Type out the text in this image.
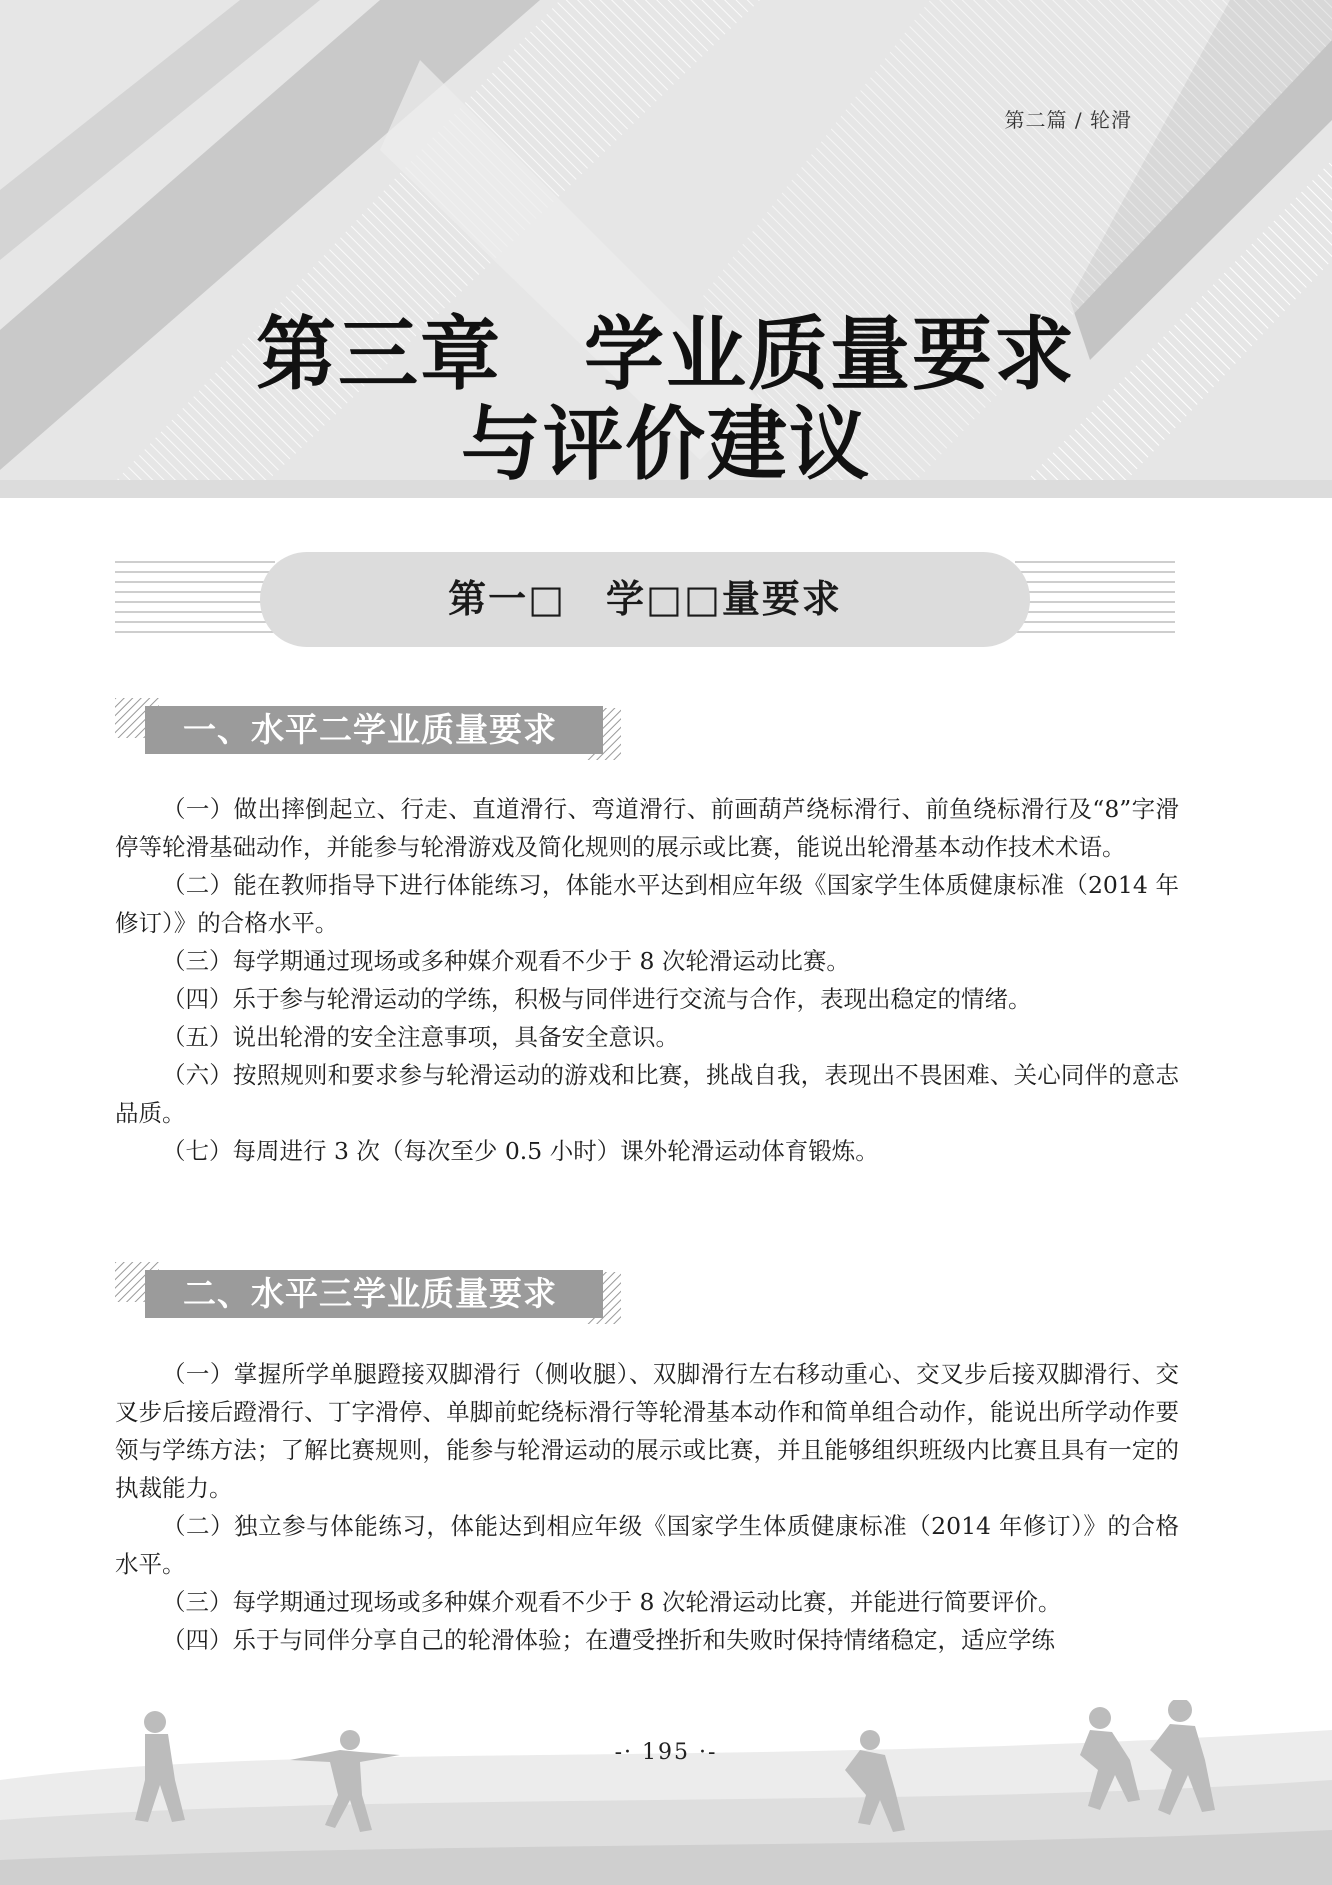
第二篇 / 轮滑
第三章　学业质量要求
与评价建议
第一□　学□□量要求
一、水平二学业质量要求

（一）做出摔倒起立、行走、直道滑行、弯道滑行、前画葫芦绕标滑行、前鱼绕标滑行及“8”字滑停等轮滑基础动作，并能参与轮滑游戏及简化规则的展示或比赛，能说出轮滑基本动作技术术语。

（二）能在教师指导下进行体能练习，体能水平达到相应年级《国家学生体质健康标准（2014 年修订）》的合格水平。

（三）每学期通过现场或多种媒介观看不少于 8 次轮滑运动比赛。

（四）乐于参与轮滑运动的学练，积极与同伴进行交流与合作，表现出稳定的情绪。

（五）说出轮滑的安全注意事项，具备安全意识。

（六）按照规则和要求参与轮滑运动的游戏和比赛，挑战自我，表现出不畏困难、关心同伴的意志品质。

（七）每周进行 3 次（每次至少 0.5 小时）课外轮滑运动体育锻炼。

二、水平三学业质量要求

（一）掌握所学单腿蹬接双脚滑行（侧收腿）、双脚滑行左右移动重心、交叉步后接双脚滑行、交叉步后接后蹬滑行、丁字滑停、单脚前蛇绕标滑行等轮滑基本动作和简单组合动作，能说出所学动作要领与学练方法；了解比赛规则，能参与轮滑运动的展示或比赛，并且能够组织班级内比赛且具有一定的执裁能力。

（二）独立参与体能练习，体能达到相应年级《国家学生体质健康标准（2014 年修订）》的合格水平。

（三）每学期通过现场或多种媒介观看不少于 8 次轮滑运动比赛，并能进行简要评价。

（四）乐于与同伴分享自己的轮滑体验；在遭受挫折和失败时保持情绪稳定，适应学练

-· 195 ·-
